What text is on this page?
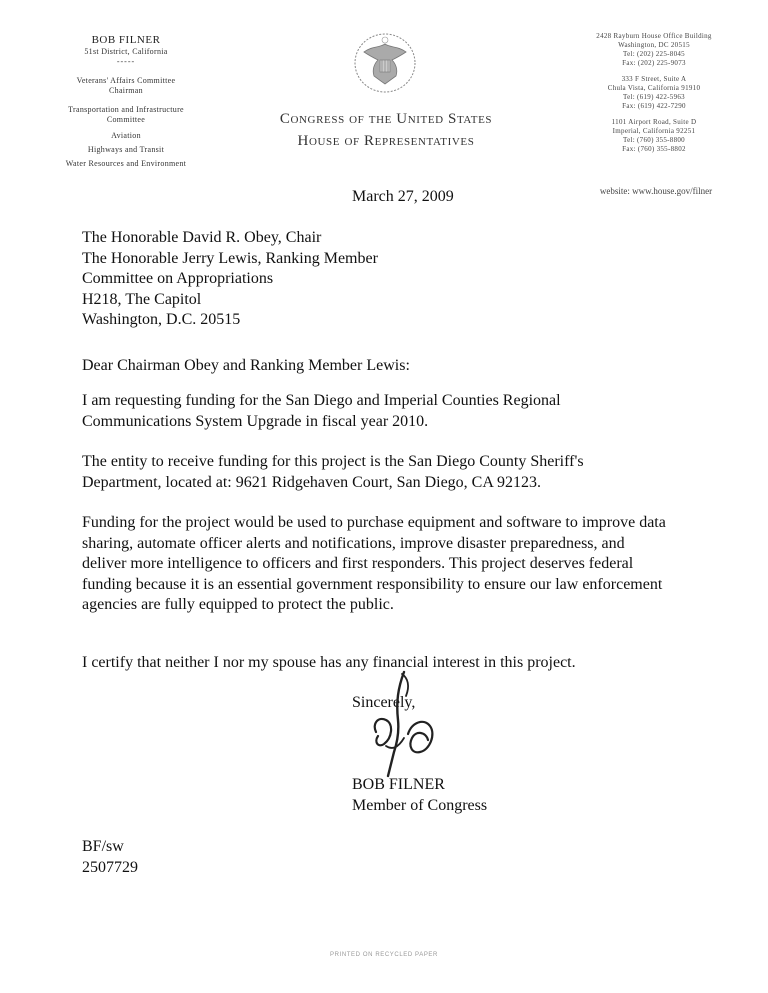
BOB FILNER
51st District, California
-----
Veterans' Affairs Committee
Chairman
Transportation and Infrastructure
Committee
Aviation
Highways and Transit
Water Resources and Environment
Congress of the United States
House of Representatives
2428 Rayburn House Office Building
Washington, DC 20515
Tel: (202) 225-8045
Fax: (202) 225-9073
333 F Street, Suite A
Chula Vista, California 91910
Tel: (619) 422-5963
Fax: (619) 422-7290
1101 Airport Road, Suite D
Imperial, California 92251
Tel: (760) 355-8800
Fax: (760) 355-8802
website: www.house.gov/filner
March 27, 2009
The Honorable David R. Obey, Chair
The Honorable Jerry Lewis, Ranking Member
Committee on Appropriations
H218, The Capitol
Washington, D.C. 20515
Dear Chairman Obey and Ranking Member Lewis:
I am requesting funding for the San Diego and Imperial Counties Regional Communications System Upgrade in fiscal year 2010.
The entity to receive funding for this project is the San Diego County Sheriff's Department, located at: 9621 Ridgehaven Court, San Diego, CA 92123.
Funding for the project would be used to purchase equipment and software to improve data sharing, automate officer alerts and notifications, improve disaster preparedness, and deliver more intelligence to officers and first responders. This project deserves federal funding because it is an essential government responsibility to ensure our law enforcement agencies are fully equipped to protect the public.
I certify that neither I nor my spouse has any financial interest in this project.
Sincerely,
BOB FILNER
Member of Congress
BF/sw
2507729
PRINTED ON RECYCLED PAPER
